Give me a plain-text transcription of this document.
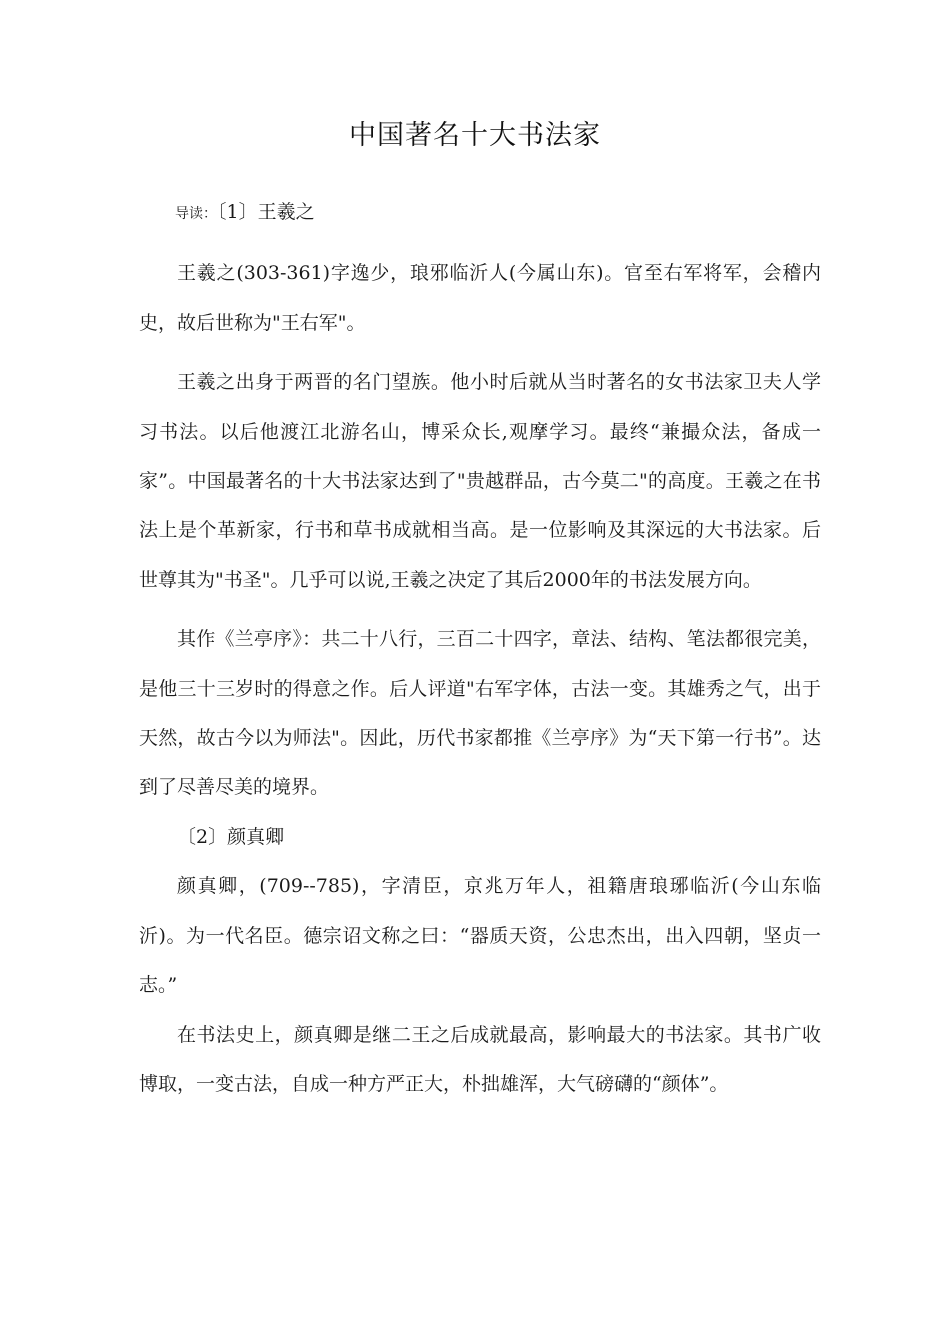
中国著名十大书法家
导读：〔1〕王羲之

王羲之(303-361)字逸少，琅邪临沂人(今属山东)。官至右军将军，会稽内史，故后世称为"王右军"。

王羲之出身于两晋的名门望族。他小时后就从当时著名的女书法家卫夫人学习书法。以后他渡江北游名山，博采众长,观摩学习。最终“兼撮众法，备成一家”。中国最著名的十大书法家达到了"贵越群品，古今莫二"的高度。王羲之在书法上是个革新家，行书和草书成就相当高。是一位影响及其深远的大书法家。后世尊其为"书圣"。几乎可以说,王羲之决定了其后2000年的书法发展方向。

其作《兰亭序》：共二十八行，三百二十四字，章法、结构、笔法都很完美，是他三十三岁时的得意之作。后人评道"右军字体，古法一变。其雄秀之气，出于天然，故古今以为师法"。因此，历代书家都推《兰亭序》为“天下第一行书”。达到了尽善尽美的境界。

〔2〕颜真卿

颜真卿，(709--785)，字清臣，京兆万年人，祖籍唐琅琊临沂(今山东临沂)。为一代名臣。德宗诏文称之曰：“器质天资，公忠杰出，出入四朝，坚贞一志。”

在书法史上，颜真卿是继二王之后成就最高，影响最大的书法家。其书广收博取，一变古法，自成一种方严正大，朴拙雄浑，大气磅礴的“颜体”。
